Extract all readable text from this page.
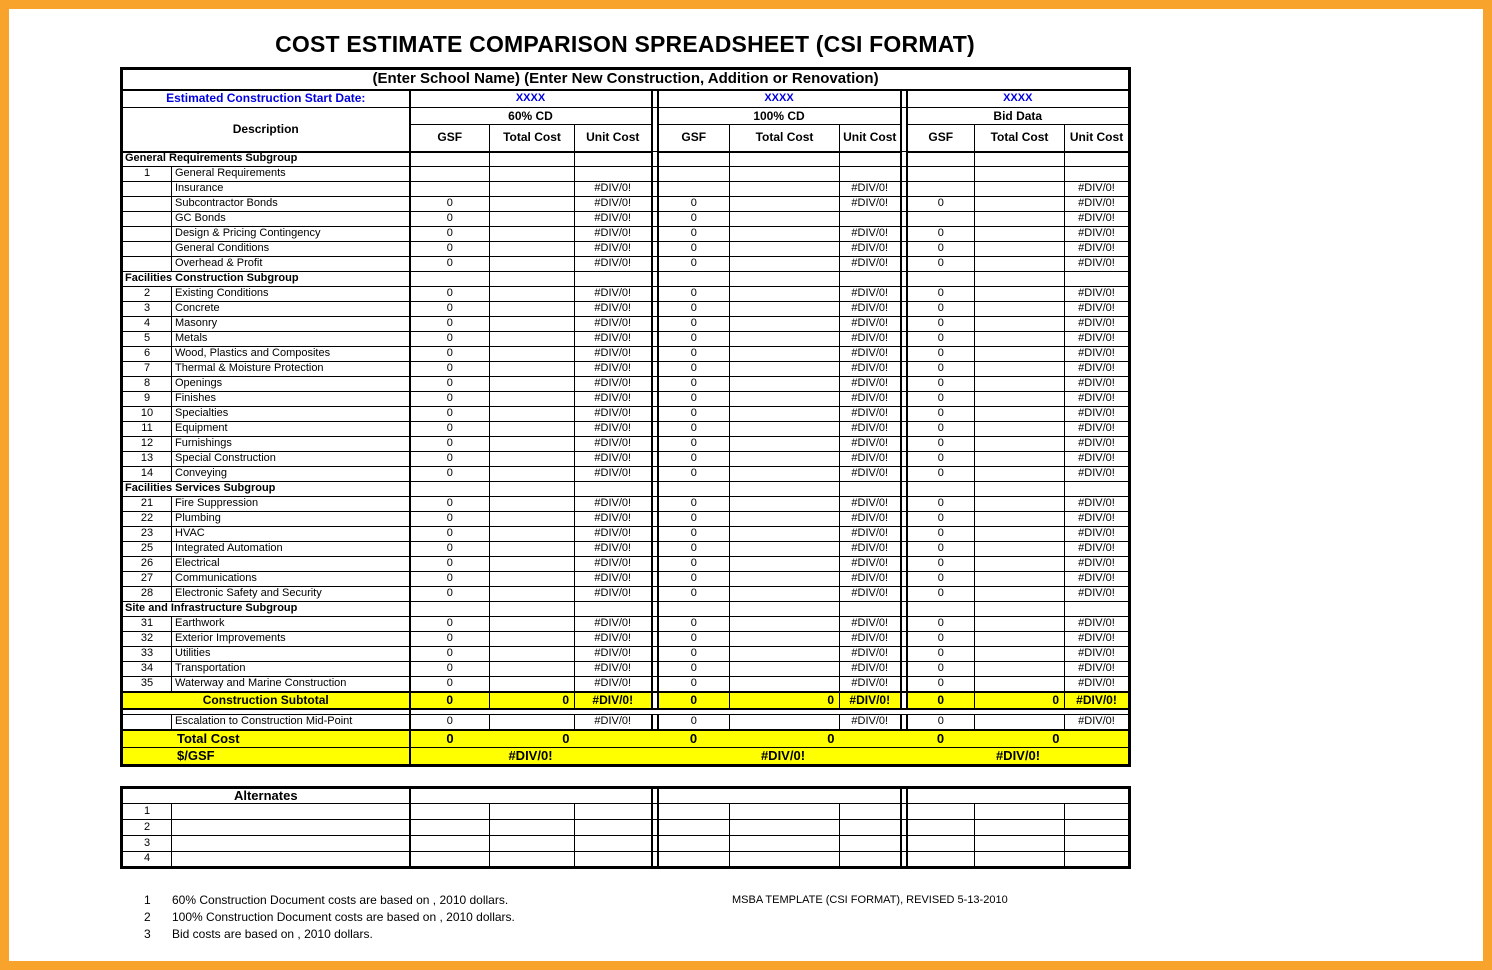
COST ESTIMATE COMPARISON SPREADSHEET (CSI FORMAT)
(Enter School Name) (Enter New Construction, Addition or Renovation)												
Estimated Construction Start Date:		XXXX				XXXX				XXXX		
Description		60% CD				100% CD				Bid Data		
		GSF	Total Cost	Unit Cost		GSF	Total Cost	Unit Cost		GSF	Total Cost	Unit Cost
General Requirements Subgroup												
1	General Requirements											
	Insurance			#DIV/0!				#DIV/0!				#DIV/0!
	Subcontractor Bonds	0		#DIV/0!		0		#DIV/0!		0		#DIV/0!
	GC Bonds	0		#DIV/0!		0						#DIV/0!
	Design & Pricing Contingency	0		#DIV/0!		0		#DIV/0!		0		#DIV/0!
	General Conditions	0		#DIV/0!		0		#DIV/0!		0		#DIV/0!
	Overhead & Profit	0		#DIV/0!		0		#DIV/0!		0		#DIV/0!
Facilities Construction Subgroup												
2	Existing Conditions	0		#DIV/0!		0		#DIV/0!		0		#DIV/0!
3	Concrete	0		#DIV/0!		0		#DIV/0!		0		#DIV/0!
4	Masonry	0		#DIV/0!		0		#DIV/0!		0		#DIV/0!
5	Metals	0		#DIV/0!		0		#DIV/0!		0		#DIV/0!
6	Wood, Plastics and Composites	0		#DIV/0!		0		#DIV/0!		0		#DIV/0!
7	Thermal & Moisture Protection	0		#DIV/0!		0		#DIV/0!		0		#DIV/0!
8	Openings	0		#DIV/0!		0		#DIV/0!		0		#DIV/0!
9	Finishes	0		#DIV/0!		0		#DIV/0!		0		#DIV/0!
10	Specialties	0		#DIV/0!		0		#DIV/0!		0		#DIV/0!
11	Equipment	0		#DIV/0!		0		#DIV/0!		0		#DIV/0!
12	Furnishings	0		#DIV/0!		0		#DIV/0!		0		#DIV/0!
13	Special Construction	0		#DIV/0!		0		#DIV/0!		0		#DIV/0!
14	Conveying	0		#DIV/0!		0		#DIV/0!		0		#DIV/0!
Facilities Services Subgroup												
21	Fire Suppression	0		#DIV/0!		0		#DIV/0!		0		#DIV/0!
22	Plumbing	0		#DIV/0!		0		#DIV/0!		0		#DIV/0!
23	HVAC	0		#DIV/0!		0		#DIV/0!		0		#DIV/0!
25	Integrated Automation	0		#DIV/0!		0		#DIV/0!		0		#DIV/0!
26	Electrical	0		#DIV/0!		0		#DIV/0!		0		#DIV/0!
27	Communications	0		#DIV/0!		0		#DIV/0!		0		#DIV/0!
28	Electronic Safety and Security	0		#DIV/0!		0		#DIV/0!		0		#DIV/0!
Site and Infrastructure Subgroup												
31	Earthwork	0		#DIV/0!		0		#DIV/0!		0		#DIV/0!
32	Exterior Improvements	0		#DIV/0!		0		#DIV/0!		0		#DIV/0!
33	Utilities	0		#DIV/0!		0		#DIV/0!		0		#DIV/0!
34	Transportation	0		#DIV/0!		0		#DIV/0!		0		#DIV/0!
35	Waterway and Marine Construction	0		#DIV/0!		0		#DIV/0!		0		#DIV/0!
Construction Subtotal		0	0	#DIV/0!		0	0	#DIV/0!		0	0	#DIV/0!

	Escalation to Construction Mid-Point	0		#DIV/0!		0		#DIV/0!		0		#DIV/0!
Total Cost		0	0			0	0			0	0	
$/GSF			#DIV/0!				#DIV/0!				#DIV/0!	
Alternates												
1												
2												
3												
4												
MSBA TEMPLATE (CSI FORMAT), REVISED 5-13-2010
1	60% Construction Document costs are based on , 2010 dollars.
2	100% Construction Document costs are based on , 2010 dollars.
3	Bid costs are based on , 2010 dollars.
